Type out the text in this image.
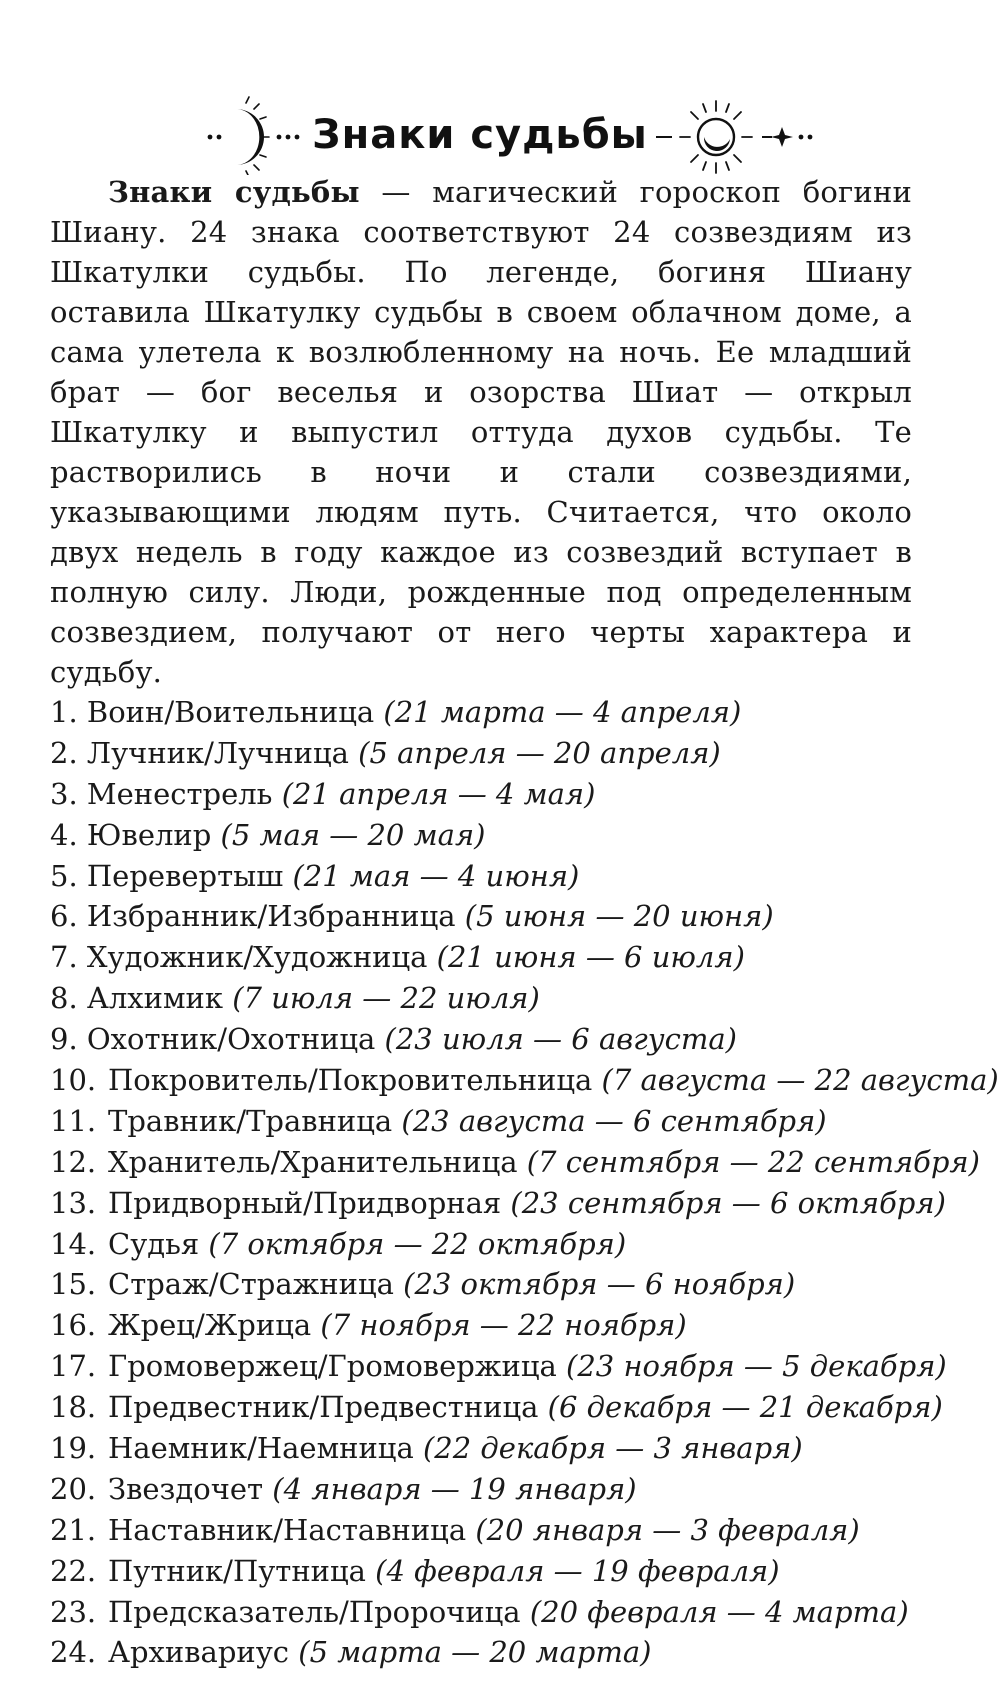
Знаки судьбы

Знаки судьбы — магический гороскоп богини Шиану. 24 знака соответствуют 24 созвездиям из Шкатулки судьбы. По легенде, богиня Шиану оставила Шкатулку судьбы в своем облачном доме, а сама улетела к возлюбленному на ночь. Ее младший брат — бог веселья и озорства Шиат — открыл Шкатулку и выпустил оттуда духов судьбы. Те растворились в ночи и стали созвездиями, указывающими людям путь. Считается, что около двух недель в году каждое из созвездий вступает в полную силу. Люди, рожденные под определенным созвездием, получают от него черты характера и судьбу.

1. Воин/Воительница (21 марта — 4 апреля)
2. Лучник/Лучница (5 апреля — 20 апреля)
3. Менестрель (21 апреля — 4 мая)
4. Ювелир (5 мая — 20 мая)
5. Перевертыш (21 мая — 4 июня)
6. Избранник/Избранница (5 июня — 20 июня)
7. Художник/Художница (21 июня — 6 июля)
8. Алхимик (7 июля — 22 июля)
9. Охотник/Охотница (23 июля — 6 августа)
10. Покровитель/Покровительница (7 августа — 22 августа)
11. Травник/Травница (23 августа — 6 сентября)
12. Хранитель/Хранительница (7 сентября — 22 сентября)
13. Придворный/Придворная (23 сентября — 6 октября)
14. Судья (7 октября — 22 октября)
15. Страж/Стражница (23 октября — 6 ноября)
16. Жрец/Жрица (7 ноября — 22 ноября)
17. Громовержец/Громовержица (23 ноября — 5 декабря)
18. Предвестник/Предвестница (6 декабря — 21 декабря)
19. Наемник/Наемница (22 декабря — 3 января)
20. Звездочет (4 января — 19 января)
21. Наставник/Наставница (20 января — 3 февраля)
22. Путник/Путница (4 февраля — 19 февраля)
23. Предсказатель/Пророчица (20 февраля — 4 марта)
24. Архивариус (5 марта — 20 марта)
